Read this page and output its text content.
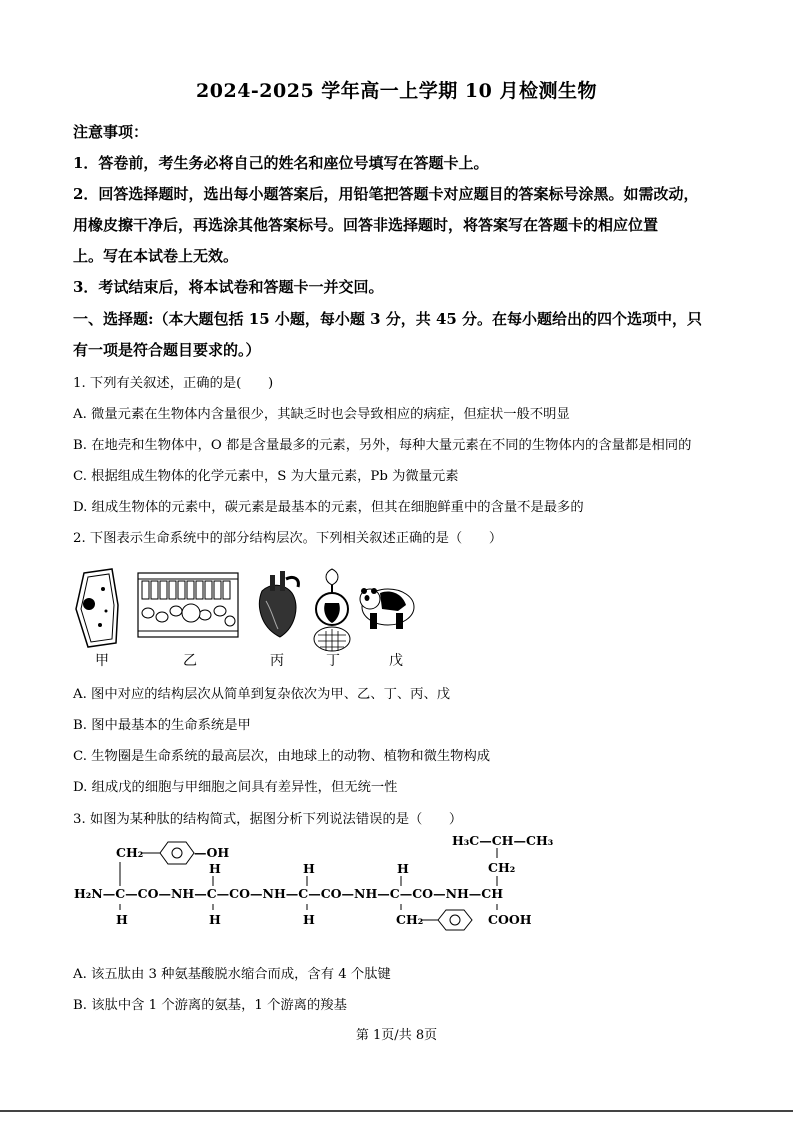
2024-2025 学年高一上学期 10 月检测生物
注意事项：
1．答卷前，考生务必将自己的姓名和座位号填写在答题卡上。
2．回答选择题时，选出每小题答案后，用铅笔把答题卡对应题目的答案标号涂黑。如需改动，
用橡皮擦干净后，再选涂其他答案标号。回答非选择题时，将答案写在答题卡的相应位置
上。写在本试卷上无效。
3．考试结束后，将本试卷和答题卡一并交回。
一、选择题:（本大题包括 15 小题，每小题 3 分，共 45 分。在每小题给出的四个选项中，只
有一项是符合题目要求的。）
1. 下列有关叙述，正确的是(　　)
A. 微量元素在生物体内含量很少，其缺乏时也会导致相应的病症，但症状一般不明显
B. 在地壳和生物体中，O 都是含量最多的元素，另外，每种大量元素在不同的生物体内的含量都是相同的
C. 根据组成生物体的化学元素中，S 为大量元素，Pb 为微量元素
D. 组成生物体的元素中，碳元素是最基本的元素，但其在细胞鲜重中的含量不是最多的
2. 下图表示生命系统中的部分结构层次。下列相关叙述正确的是（　　）
甲	乙	丙	丁	戊
A. 图中对应的结构层次从简单到复杂依次为甲、乙、丁、丙、戊
B. 图中最基本的生命系统是甲
C. 生物圈是生命系统的最高层次，由地球上的动物、植物和微生物构成
D. 组成戊的细胞与甲细胞之间具有差异性，但无统一性
3. 如图为某种肽的结构简式，据图分析下列说法错误的是（　　）
H₂N—C—CO—NH—C—CO—NH—C—CO—NH—C—CO—NH—CH
CH₂
H
—OH
H
H
H
H
H
CH₂
H₃C—CH—CH₃
CH₂
COOH
A. 该五肽由 3 种氨基酸脱水缩合而成，含有 4 个肽键
B. 该肽中含 1 个游离的氨基，1 个游离的羧基
第 1页/共 8页
